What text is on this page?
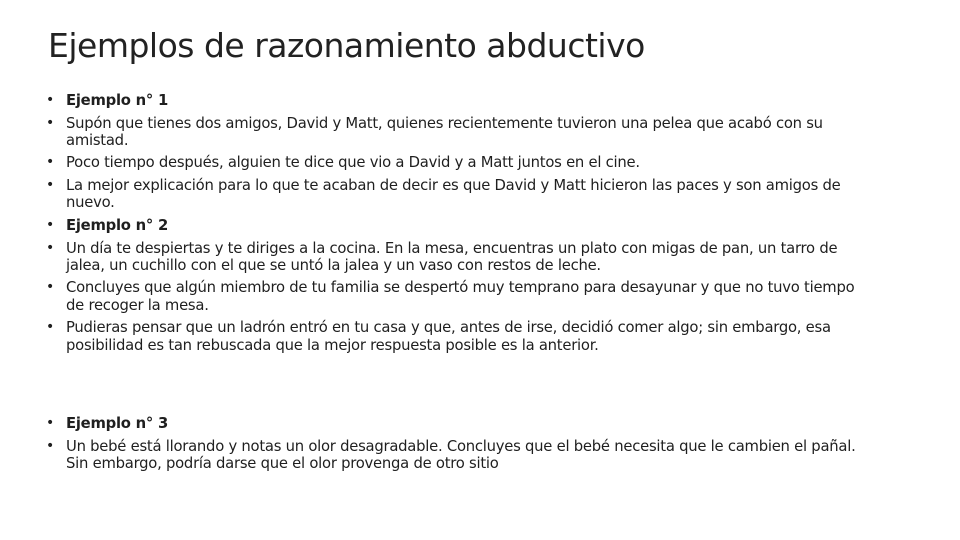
Ejemplos de razonamiento abductivo
• Ejemplo n° 1
• Supón que tienes dos amigos, David y Matt, quienes recientemente tuvieron una pelea que acabó con su amistad.
• Poco tiempo después, alguien te dice que vio a David y a Matt juntos en el cine.
• La mejor explicación para lo que te acaban de decir es que David y Matt hicieron las paces y son amigos de nuevo.
• Ejemplo n° 2
• Un día te despiertas y te diriges a la cocina. En la mesa, encuentras un plato con migas de pan, un tarro de jalea, un cuchillo con el que se untó la jalea y un vaso con restos de leche.
• Concluyes que algún miembro de tu familia se despertó muy temprano para desayunar y que no tuvo tiempo de recoger la mesa.
• Pudieras pensar que un ladrón entró en tu casa y que, antes de irse, decidió comer algo; sin embargo, esa posibilidad es tan rebuscada que la mejor respuesta posible es la anterior.
• Ejemplo n° 3
• Un bebé está llorando y notas un olor desagradable. Concluyes que el bebé necesita que le cambien el pañal. Sin embargo, podría darse que el olor provenga de otro sitio
